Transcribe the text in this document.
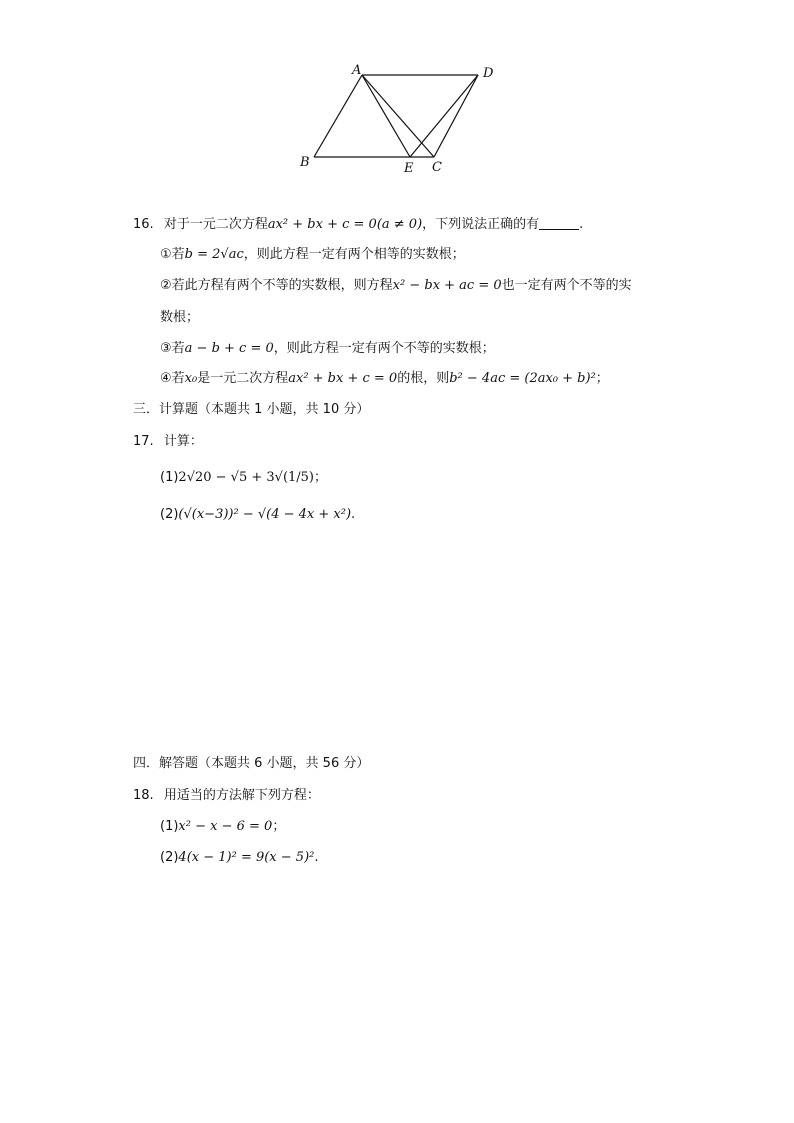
A	D
B	E C
16. 对于一元二次方程ax² + bx + c = 0(a ≠ 0)，下列说法正确的有	.
①若b = 2√ac，则此方程一定有两个相等的实数根；
②若此方程有两个不等的实数根，则方程x² − bx + ac = 0也一定有两个不等的实
数根；
③若a − b + c = 0，则此方程一定有两个不等的实数根；
④若x₀是一元二次方程ax² + bx + c = 0的根，则b² − 4ac = (2ax₀ + b)²；
三．计算题（本题共 1 小题，共 10 分）
17. 计算：
(1)2√20 − √5 + 3√(1/5)；
(2)(√(x−3))² − √(4 − 4x + x²).
四．解答题（本题共 6 小题，共 56 分）
18. 用适当的方法解下列方程：
(1)x² − x − 6 = 0；
(2)4(x − 1)² = 9(x − 5)².
